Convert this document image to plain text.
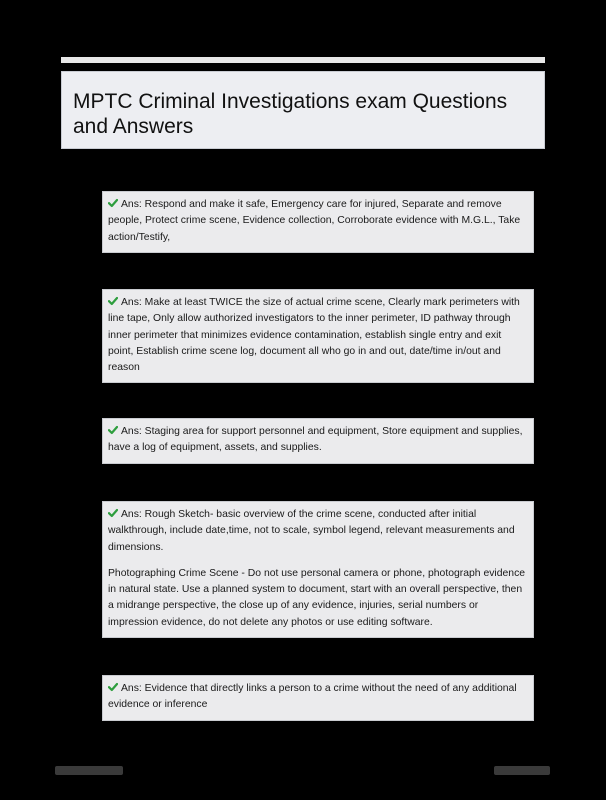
MPTC Criminal Investigations exam Questions and Answers

Ans: Respond and make it safe, Emergency care for injured, Separate and remove people, Protect crime scene, Evidence collection, Corroborate evidence with M.G.L., Take action/Testify,

Ans: Make at least TWICE the size of actual crime scene, Clearly mark perimeters with line tape, Only allow authorized investigators to the inner perimeter, ID pathway through inner perimeter that minimizes evidence contamination, establish single entry and exit point, Establish crime scene log, document all who go in and out, date/time in/out and reason

Ans: Staging area for support personnel and equipment, Store equipment and supplies, have a log of equipment, assets, and supplies.

Ans: Rough Sketch- basic overview of the crime scene, conducted after initial walkthrough, include date,time, not to scale, symbol legend, relevant measurements and dimensions.

Photographing Crime Scene - Do not use personal camera or phone, photograph evidence in natural state. Use a planned system to document, start with an overall perspective, then a midrange perspective, the close up of any evidence, injuries, serial numbers or impression evidence, do not delete any photos or use editing software.

Ans: Evidence that directly links a person to a crime without the need of any additional evidence or inference
